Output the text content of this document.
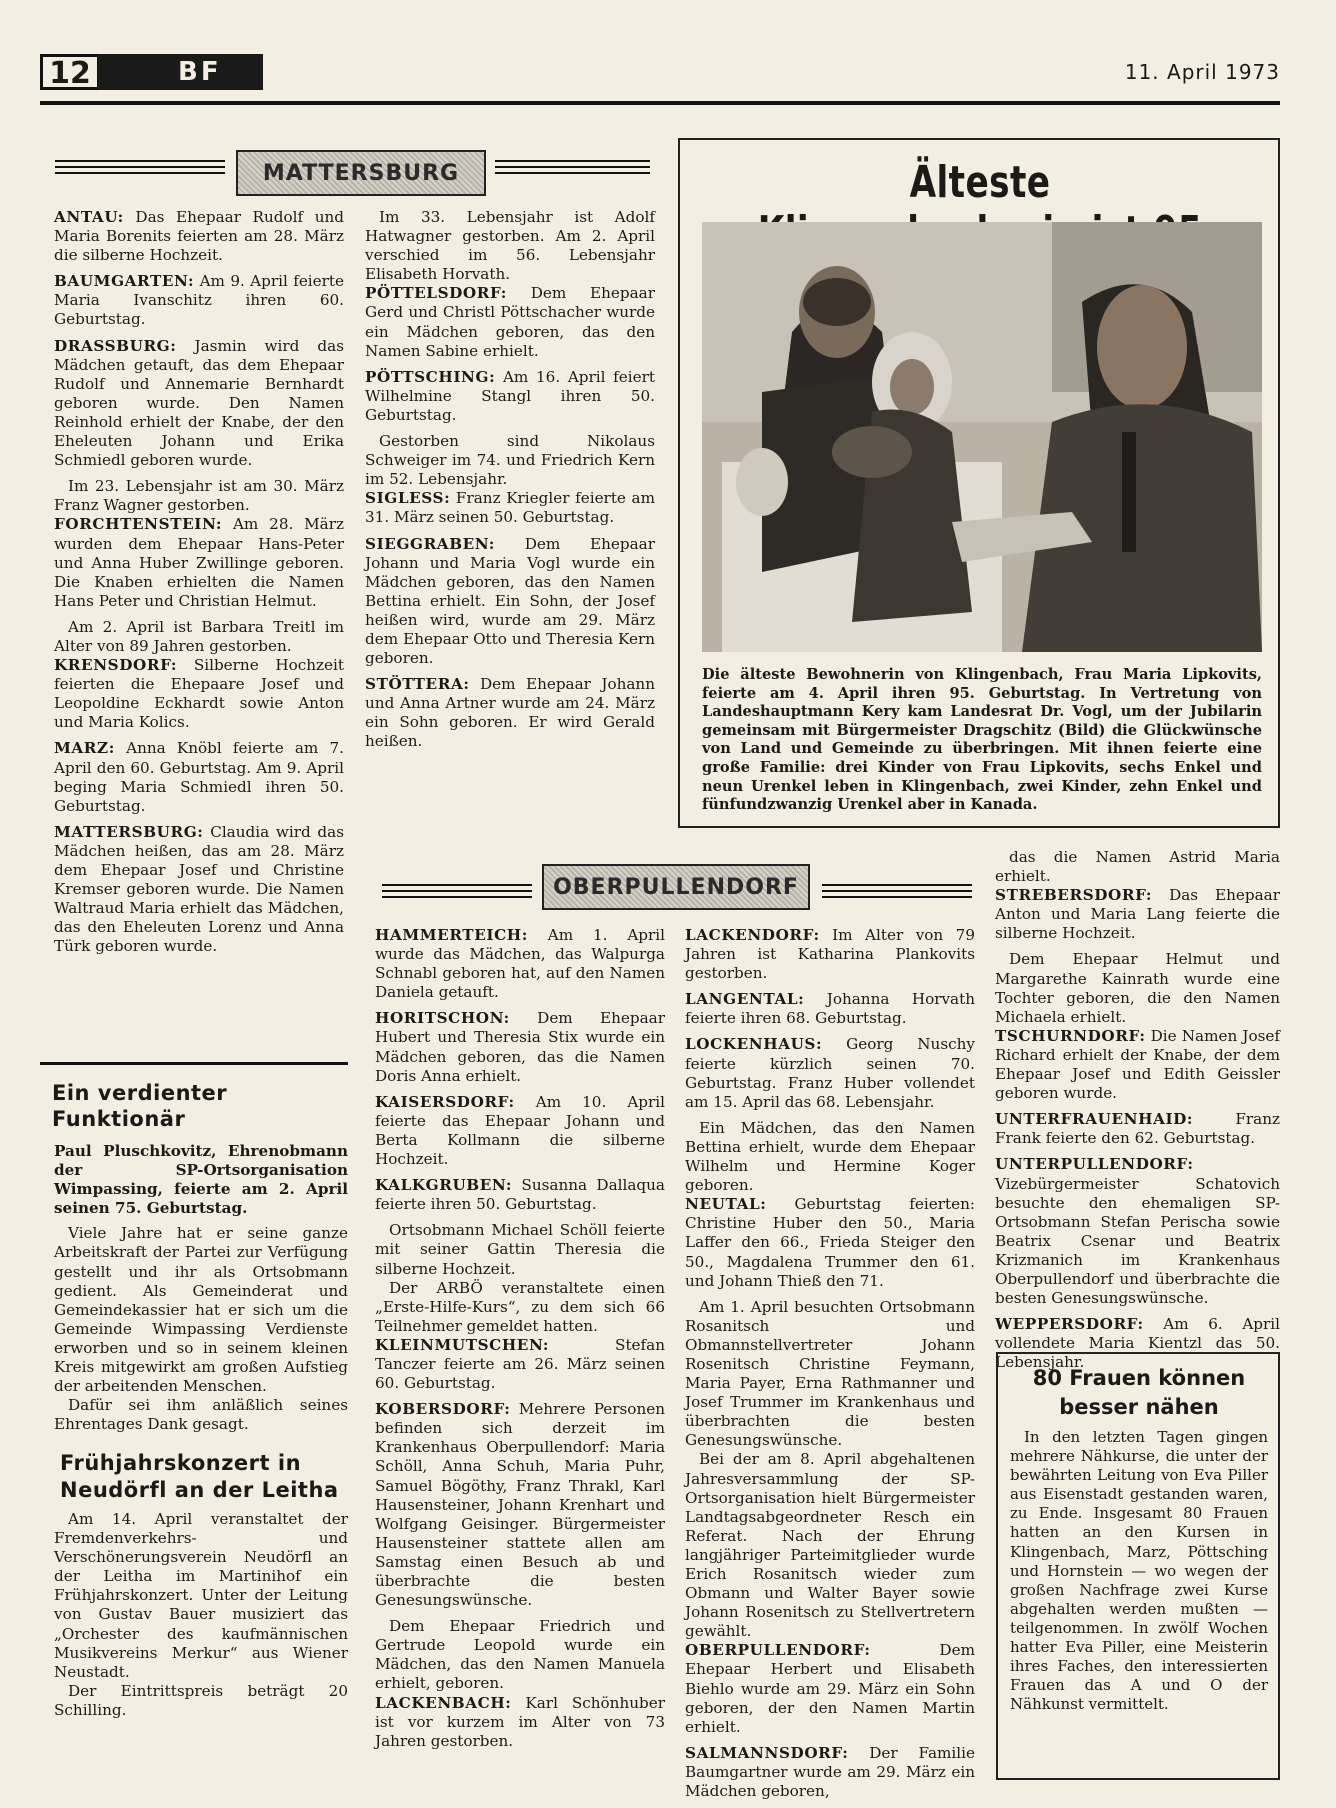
12	BF	11. April 1973
MATTERSBURG

ANTAU: Das Ehepaar Rudolf und Maria Borenits feierten am 28. März die silberne Hochzeit.

BAUMGARTEN: Am 9. April feierte Maria Ivanschitz ihren 60. Geburtstag.

DRASSBURG: Jasmin wird das Mädchen getauft, das dem Ehepaar Rudolf und Annemarie Bernhardt geboren wurde. Den Namen Reinhold erhielt der Knabe, der den Eheleuten Johann und Erika Schmiedl geboren wurde.

Im 23. Lebensjahr ist am 30. März Franz Wagner gestorben.

FORCHTENSTEIN: Am 28. März wurden dem Ehepaar Hans-Peter und Anna Huber Zwillinge geboren. Die Knaben erhielten die Namen Hans Peter und Christian Helmut.

Am 2. April ist Barbara Treitl im Alter von 89 Jahren gestorben.

KRENSDORF: Silberne Hochzeit feierten die Ehepaare Josef und Leopoldine Eckhardt sowie Anton und Maria Kolics.

MARZ: Anna Knöbl feierte am 7. April den 60. Geburtstag. Am 9. April beging Maria Schmiedl ihren 50. Geburtstag.

MATTERSBURG: Claudia wird das Mädchen heißen, das am 28. März dem Ehepaar Josef und Christine Kremser geboren wurde. Die Namen Waltraud Maria erhielt das Mädchen, das den Eheleuten Lorenz und Anna Türk geboren wurde.

Im 33. Lebensjahr ist Adolf Hatwagner gestorben. Am 2. April verschied im 56. Lebensjahr Elisabeth Horvath.

PÖTTELSDORF: Dem Ehepaar Gerd und Christl Pöttschacher wurde ein Mädchen geboren, das den Namen Sabine erhielt.

PÖTTSCHING: Am 16. April feiert Wilhelmine Stangl ihren 50. Geburtstag.

Gestorben sind Nikolaus Schweiger im 74. und Friedrich Kern im 52. Lebensjahr.

SIGLESS: Franz Kriegler feierte am 31. März seinen 50. Geburtstag.

SIEGGRABEN: Dem Ehepaar Johann und Maria Vogl wurde ein Mädchen geboren, das den Namen Bettina erhielt. Ein Sohn, der Josef heißen wird, wurde am 29. März dem Ehepaar Otto und Theresia Kern geboren.

STÖTTERA: Dem Ehepaar Johann und Anna Artner wurde am 24. März ein Sohn geboren. Er wird Gerald heißen.

Älteste
Die älteste Bewohnerin von Klingenbach, Frau Maria Lipkovits, feierte am 4. April ihren 95. Geburtstag. In Vertretung von Landeshauptmann Kery kam Landesrat Dr. Vogl, um der Jubilarin gemeinsam mit Bürgermeister Dragschitz (Bild) die Glückwünsche von Land und Gemeinde zu überbringen. Mit ihnen feierte eine große Familie: drei Kinder von Frau Lipkovits, sechs Enkel und neun Urenkel leben in Klingenbach, zwei Kinder, zehn Enkel und fünfundzwanzig Urenkel aber in Kanada.
Ein verdienter Funktionär

Paul Pluschkovitz, Ehrenobmann der SP-Ortsorganisation Wimpassing, feierte am 2. April seinen 75. Geburtstag.

Viele Jahre hat er seine ganze Arbeitskraft der Partei zur Verfügung gestellt und ihr als Ortsobmann gedient. Als Gemeinderat und Gemeindekassier hat er sich um die Gemeinde Wimpassing Verdienste erworben und so in seinem kleinen Kreis mitgewirkt am großen Aufstieg der arbeitenden Menschen.

Dafür sei ihm anläßlich seines Ehrentages Dank gesagt.

Frühjahrskonzert in Neudörfl an der Leitha

Am 14. April veranstaltet der Fremdenverkehrs- und Verschönerungsverein Neudörfl an der Leitha im Martinihof ein Frühjahrskonzert. Unter der Leitung von Gustav Bauer musiziert das „Orchester des kaufmännischen Musikvereins Merkur“ aus Wiener Neustadt.

Der Eintrittspreis beträgt 20 Schilling.

OBERPULLENDORF

HAMMERTEICH: Am 1. April wurde das Mädchen, das Walpurga Schnabl geboren hat, auf den Namen Daniela getauft.

HORITSCHON: Dem Ehepaar Hubert und Theresia Stix wurde ein Mädchen geboren, das die Namen Doris Anna erhielt.

KAISERSDORF: Am 10. April feierte das Ehepaar Johann und Berta Kollmann die silberne Hochzeit.

KALKGRUBEN: Susanna Dallaqua feierte ihren 50. Geburtstag.

Ortsobmann Michael Schöll feierte mit seiner Gattin Theresia die silberne Hochzeit.

Der ARBÖ veranstaltete einen „Erste-Hilfe-Kurs“, zu dem sich 66 Teilnehmer gemeldet hatten.

KLEINMUTSCHEN: Stefan Tanczer feierte am 26. März seinen 60. Geburtstag.

KOBERSDORF: Mehrere Personen befinden sich derzeit im Krankenhaus Oberpullendorf: Maria Schöll, Anna Schuh, Maria Puhr, Samuel Bögöthy, Franz Thrakl, Karl Hausensteiner, Johann Krenhart und Wolfgang Geisinger. Bürgermeister Hausensteiner stattete allen am Samstag einen Besuch ab und überbrachte die besten Genesungswünsche.

Dem Ehepaar Friedrich und Gertrude Leopold wurde ein Mädchen, das den Namen Manuela erhielt, geboren.

LACKENBACH: Karl Schönhuber ist vor kurzem im Alter von 73 Jahren gestorben.

LACKENDORF: Im Alter von 79 Jahren ist Katharina Plankovits gestorben.

LANGENTAL: Johanna Horvath feierte ihren 68. Geburtstag.

LOCKENHAUS: Georg Nuschy feierte kürzlich seinen 70. Geburtstag. Franz Huber vollendet am 15. April das 68. Lebensjahr.

Ein Mädchen, das den Namen Bettina erhielt, wurde dem Ehepaar Wilhelm und Hermine Koger geboren.

NEUTAL: Geburtstag feierten: Christine Huber den 50., Maria Laffer den 66., Frieda Steiger den 50., Magdalena Trummer den 61. und Johann Thieß den 71.

Am 1. April besuchten Ortsobmann Rosanitsch und Obmannstellvertreter Johann Rosenitsch Christine Feymann, Maria Payer, Erna Rathmanner und Josef Trummer im Krankenhaus und überbrachten die besten Genesungswünsche.

Bei der am 8. April abgehaltenen Jahresversammlung der SP-Ortsorganisation hielt Bürgermeister Landtagsabgeordneter Resch ein Referat. Nach der Ehrung langjähriger Parteimitglieder wurde Erich Rosanitsch wieder zum Obmann und Walter Bayer sowie Johann Rosenitsch zu Stellvertretern gewählt.

OBERPULLENDORF: Dem Ehepaar Herbert und Elisabeth Biehlo wurde am 29. März ein Sohn geboren, der den Namen Martin erhielt.

SALMANNSDORF: Der Familie Baumgartner wurde am 29. März ein Mädchen geboren,

das die Namen Astrid Maria erhielt.

STREBERSDORF: Das Ehepaar Anton und Maria Lang feierte die silberne Hochzeit.

Dem Ehepaar Helmut und Margarethe Kainrath wurde eine Tochter geboren, die den Namen Michaela erhielt.

TSCHURNDORF: Die Namen Josef Richard erhielt der Knabe, der dem Ehepaar Josef und Edith Geissler geboren wurde.

UNTERFRAUENHAID: Franz Frank feierte den 62. Geburtstag.

UNTERPULLENDORF: Vizebürgermeister Schatovich besuchte den ehemaligen SP-Ortsobmann Stefan Perischa sowie Beatrix Csenar und Beatrix Krizmanich im Krankenhaus Oberpullendorf und überbrachte die besten Genesungswünsche.

WEPPERSDORF: Am 6. April vollendete Maria Kientzl das 50. Lebensjahr.

80 Frauen können besser nähen

In den letzten Tagen gingen mehrere Nähkurse, die unter der bewährten Leitung von Eva Piller aus Eisenstadt gestanden waren, zu Ende. Insgesamt 80 Frauen hatten an den Kursen in Klingenbach, Marz, Pöttsching und Hornstein — wo wegen der großen Nachfrage zwei Kurse abgehalten werden mußten — teilgenommen. In zwölf Wochen hatter Eva Piller, eine Meisterin ihres Faches, den interessierten Frauen das A und O der Nähkunst vermittelt.
